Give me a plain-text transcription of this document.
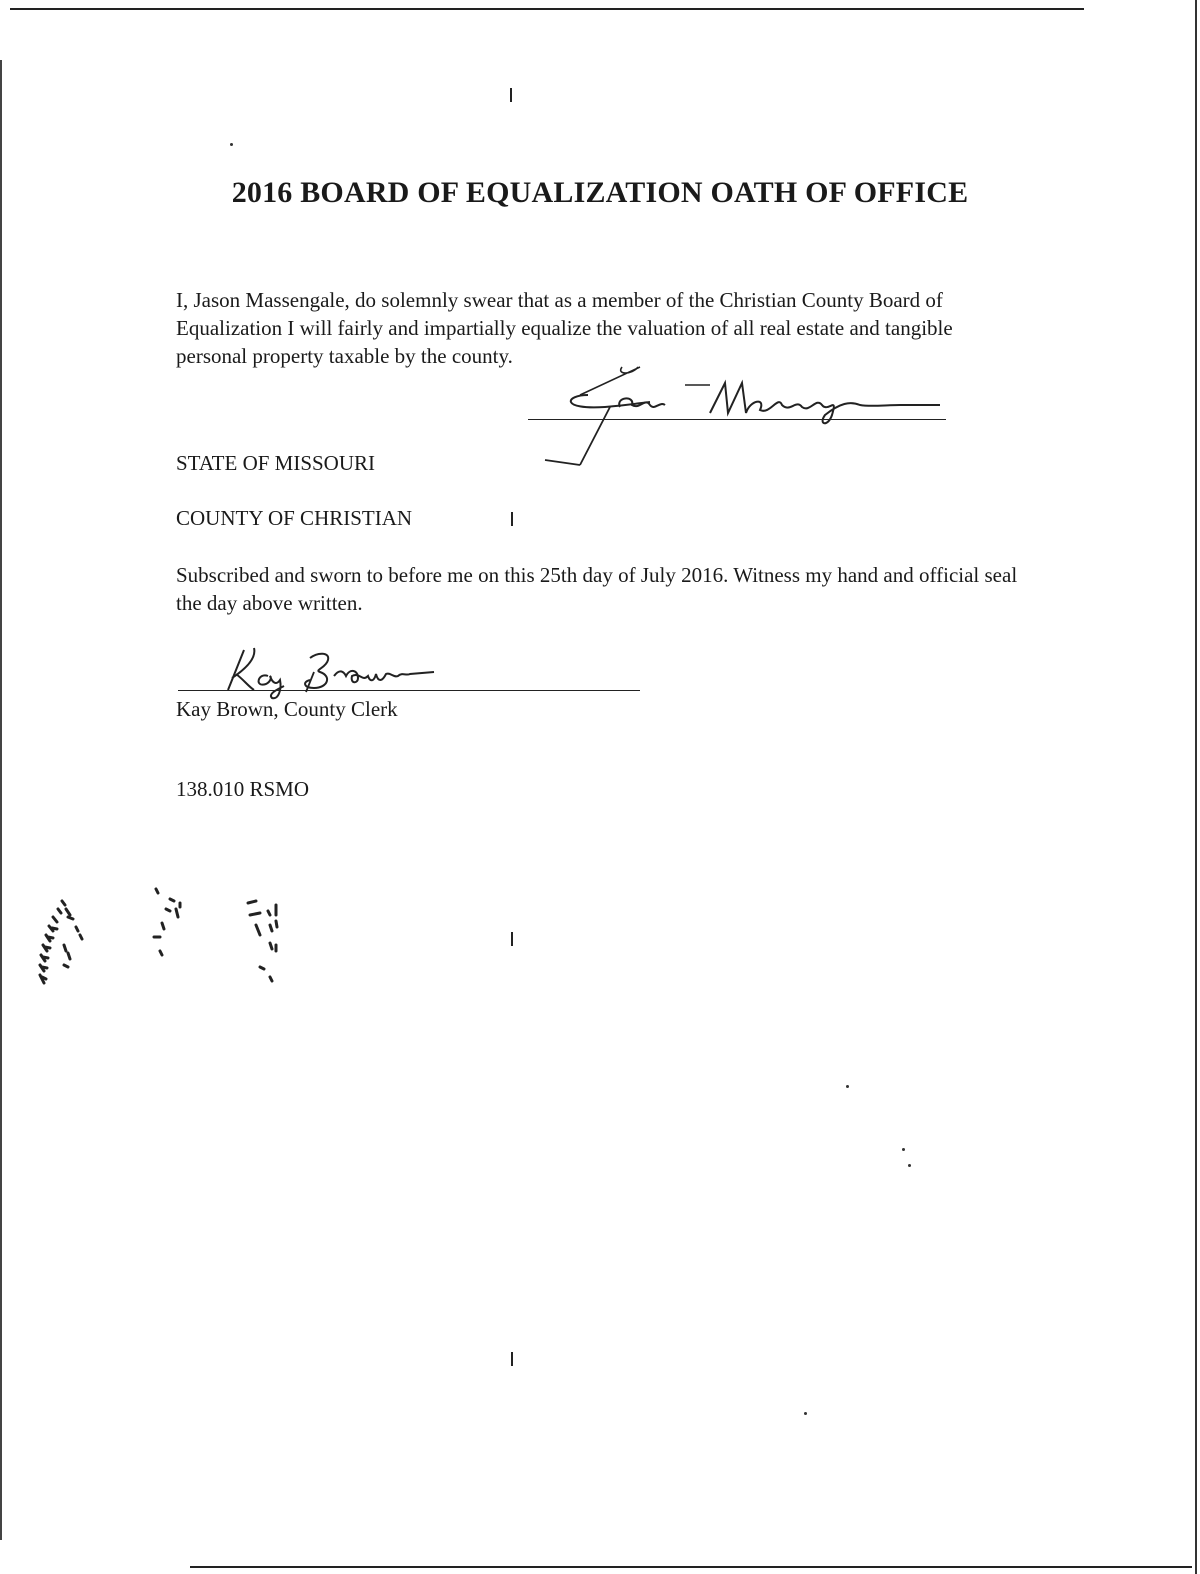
2016 BOARD OF EQUALIZATION OATH OF OFFICE

I, Jason Massengale, do solemnly swear that as a member of the Christian County Board of Equalization I will fairly and impartially equalize the valuation of all real estate and tangible personal property taxable by the county.

STATE OF MISSOURI

COUNTY OF CHRISTIAN

Subscribed and sworn to before me on this 25th day of July 2016. Witness my hand and official seal the day above written.

Kay Brown, County Clerk

138.010 RSMO
